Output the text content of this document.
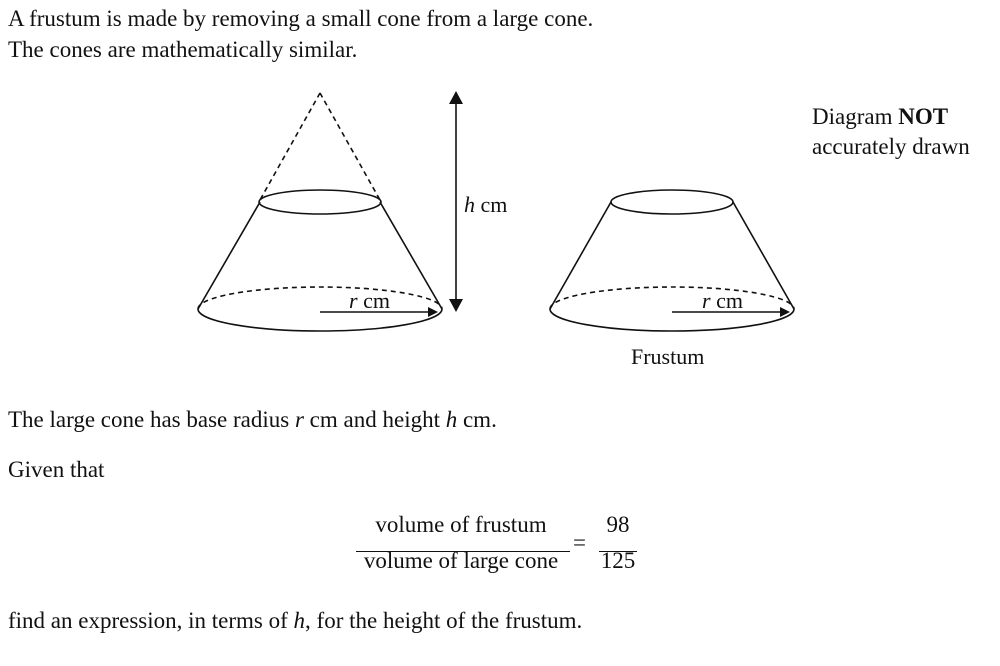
A frustum is made by removing a small cone from a large cone.
The cones are mathematically similar.
r cm
h cm
r cm
Frustum
Diagram NOT
accurately drawn
The large cone has base radius r cm and height h cm.
Given that
volume of frustum
volume of large cone
=
98
125
find an expression, in terms of h, for the height of the frustum.
